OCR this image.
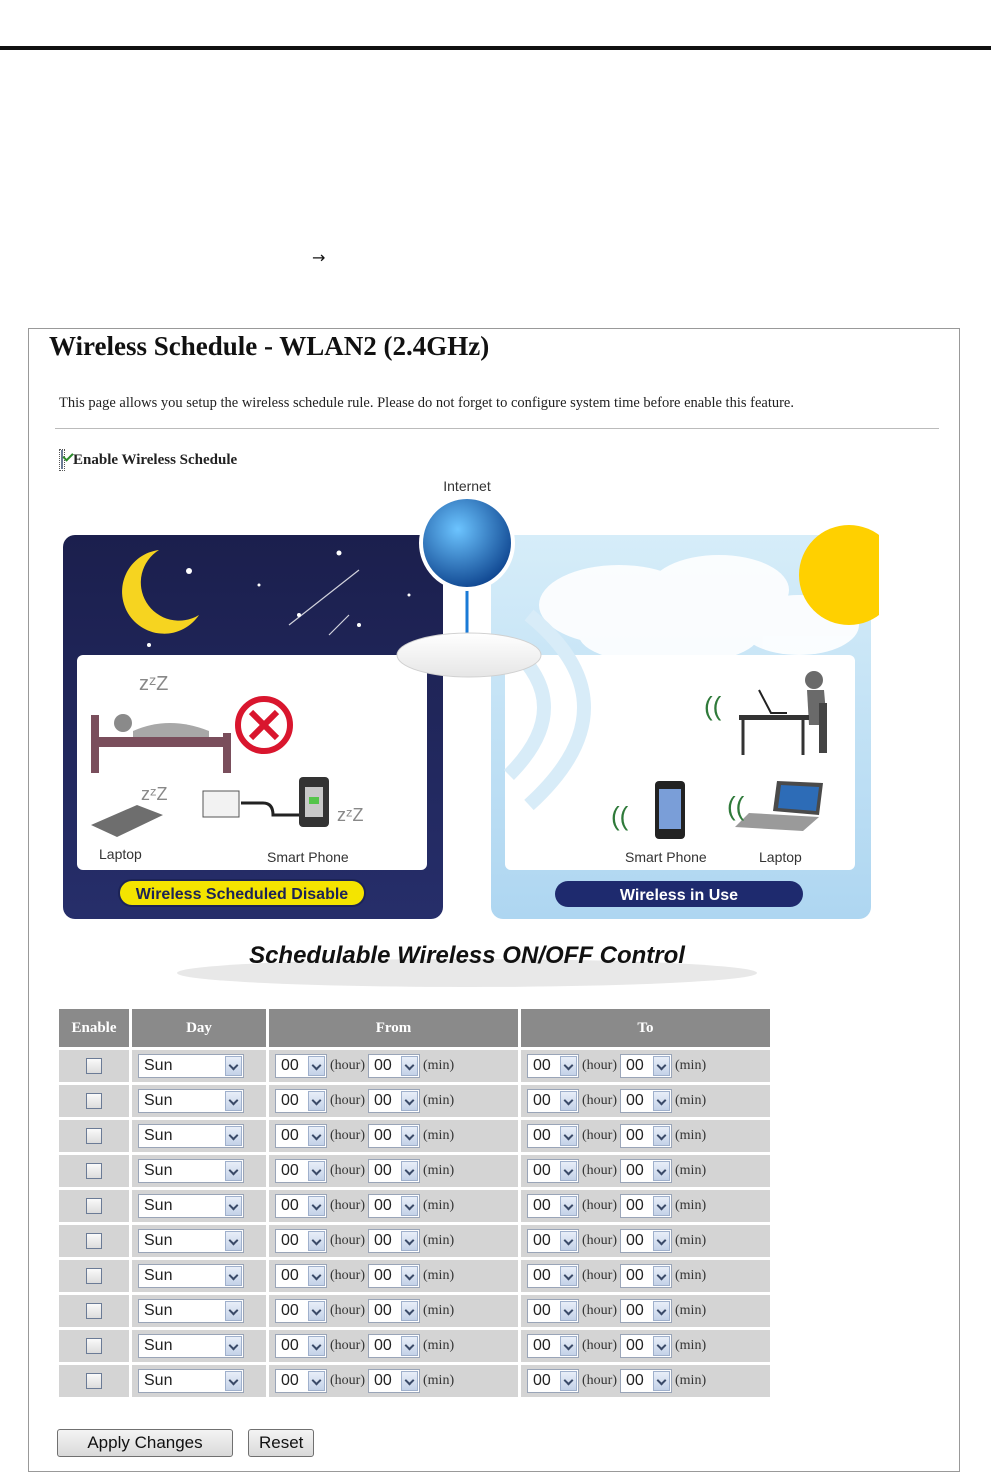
→
Wireless Schedule - WLAN2 (2.4GHz)
This page allows you setup the wireless schedule rule. Please do not forget to configure system time before enable this feature.
Enable Wireless Schedule
zᶻZ
zᶻZ
zᶻZ
Laptop	Smart Phone
Wireless Scheduled Disable
((
((	((
Smart Phone	Laptop
Wireless in Use
Internet
Schedulable Wireless ON/OFF Control
Enable	Day	From	To

	Sun	00 (hour) 00 (min)	00 (hour) 00 (min)

	Sun	00 (hour) 00 (min)	00 (hour) 00 (min)

	Sun	00 (hour) 00 (min)	00 (hour) 00 (min)

	Sun	00 (hour) 00 (min)	00 (hour) 00 (min)

	Sun	00 (hour) 00 (min)	00 (hour) 00 (min)

	Sun	00 (hour) 00 (min)	00 (hour) 00 (min)

	Sun	00 (hour) 00 (min)	00 (hour) 00 (min)

	Sun	00 (hour) 00 (min)	00 (hour) 00 (min)

	Sun	00 (hour) 00 (min)	00 (hour) 00 (min)

	Sun	00 (hour) 00 (min)	00 (hour) 00 (min)
Apply Changes	Reset
